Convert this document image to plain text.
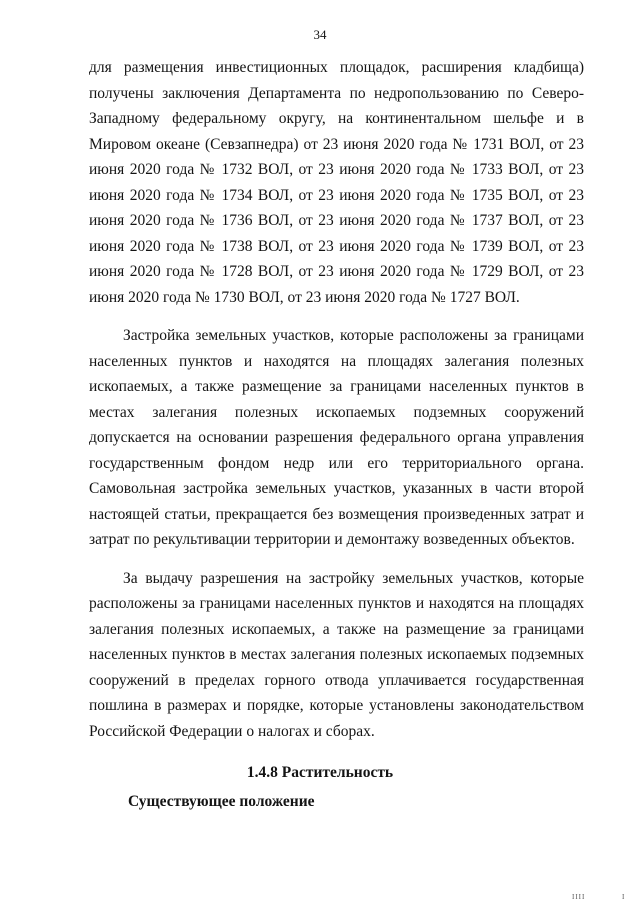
34

для размещения инвестиционных площадок, расширения кладбища) получены заключения Департамента по недропользованию по Северо-Западному федеральному округу, на континентальном шельфе и в Мировом океане (Севзапнедра) от 23 июня 2020 года № 1731 ВОЛ, от 23 июня 2020 года № 1732 ВОЛ, от 23 июня 2020 года № 1733 ВОЛ, от 23 июня 2020 года № 1734 ВОЛ, от 23 июня 2020 года № 1735 ВОЛ, от 23 июня 2020 года № 1736 ВОЛ, от 23 июня 2020 года № 1737 ВОЛ, от 23 июня 2020 года № 1738 ВОЛ, от 23 июня 2020 года № 1739 ВОЛ, от 23 июня 2020 года № 1728 ВОЛ, от 23 июня 2020 года № 1729 ВОЛ, от 23 июня 2020 года № 1730 ВОЛ, от 23 июня 2020 года № 1727 ВОЛ.

Застройка земельных участков, которые расположены за границами населенных пунктов и находятся на площадях залегания полезных ископаемых, а также размещение за границами населенных пунктов в местах залегания полезных ископаемых подземных сооружений допускается на основании разрешения федерального органа управления государственным фондом недр или его территориального органа. Самовольная застройка земельных участков, указанных в части второй настоящей статьи, прекращается без возмещения произведенных затрат и затрат по рекультивации территории и демонтажу возведенных объектов.

За выдачу разрешения на застройку земельных участков, которые расположены за границами населенных пунктов и находятся на площадях залегания полезных ископаемых, а также на размещение за границами населенных пунктов в местах залегания полезных ископаемых подземных сооружений в пределах горного отвода уплачивается государственная пошлина в размерах и порядке, которые установлены законодательством Российской Федерации о налогах и сборах.

1.4.8 Растительность
Существующее положение
IIII	I
